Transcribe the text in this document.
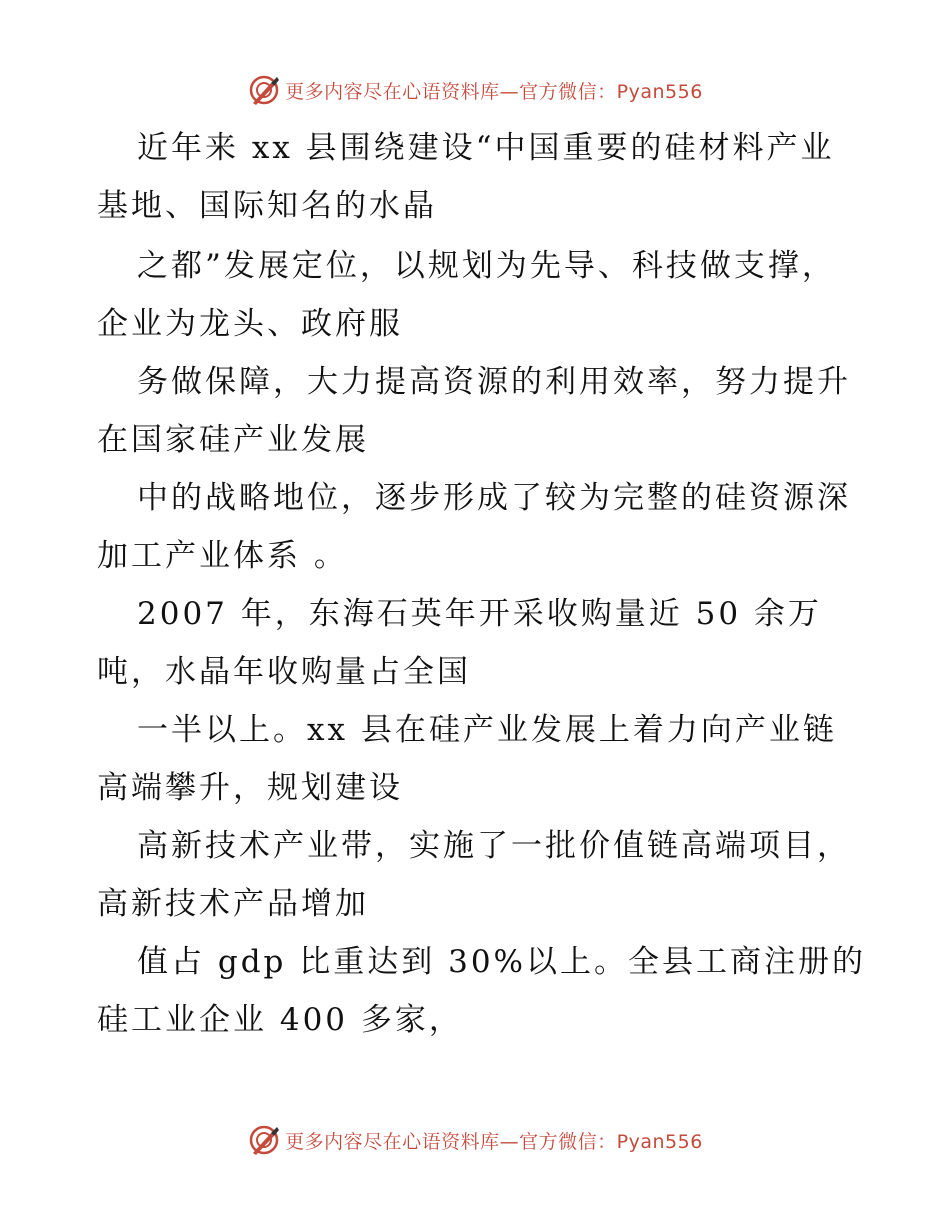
更多内容尽在心语资料库—官方微信：Pyan556
近年来 xx 县围绕建设“中国重要的硅材料产业
基地、国际知名的水晶
之都”发展定位，以规划为先导、科技做支撑，
企业为龙头、政府服
务做保障，大力提高资源的利用效率，努力提升
在国家硅产业发展
中的战略地位，逐步形成了较为完整的硅资源深
加工产业体系 。
2007 年，东海石英年开采收购量近 50 余万
吨，水晶年收购量占全国
一半以上。xx 县在硅产业发展上着力向产业链
高端攀升，规划建设
高新技术产业带，实施了一批价值链高端项目，
高新技术产品增加
值占 gdp 比重达到 30%以上。全县工商注册的
硅工业企业 400 多家，
更多内容尽在心语资料库—官方微信：Pyan556
